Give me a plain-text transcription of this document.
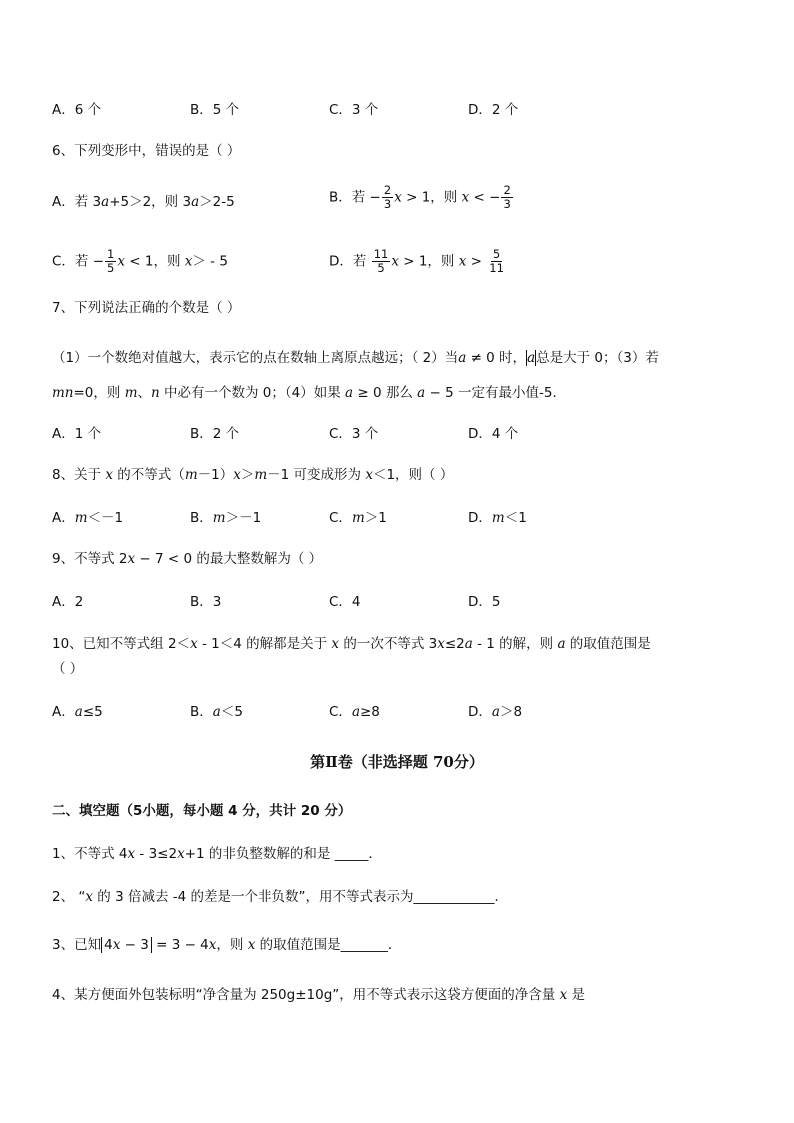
A．6 个	B．5 个	C．3 个	D．2 个
6、下列变形中，错误的是（ ）
A．若 3a+5＞2，则 3a＞2-5	B．若 − $\frac{2}{3}$ x > 1，则 x < − $\frac{2}{3}$
C．若 − $\frac{1}{5}$ x < 1，则 x＞ - 5	D．若 $\frac{11}{5}$ x > 1，则 $x > \frac{5}{11}$
7、下列说法正确的个数是（ ）
（1）一个数绝对值越大，表示它的点在数轴上离原点越远；（ 2）当a ≠ 0 时，a总是大于 0；（3）若
mn=0，则 m、n 中必有一个数为 0；（4）如果 a ≥ 0 那么 a − 5 一定有最小值-5．
A．1 个	B．2 个	C．3 个	D．4 个
8、关于 x 的不等式（m－1）x＞m－1 可变成形为 x＜1，则（ ）
A．m＜－1	B．m＞－1	C．m＞1	D．m＜1
9、不等式 2x − 7 < 0 的最大整数解为（ ）
A．2	B．3	C．4	D．5
10、已知不等式组 2＜x - 1＜4 的解都是关于 x 的一次不等式 3x≤2a - 1 的解，则 a 的取值范围是
（ ）
A．a≤5	B．a＜5	C．a≥8	D．a＞8
第Ⅱ卷（非选择题 70分）
二、填空题（5小题，每小题 4 分，共计 20 分）
1、不等式 4x - 3≤2x+1 的非负整数解的和是 _____．
2、 “x 的 3 倍减去 -4 的差是一个非负数”，用不等式表示为____________．
3、已知 4x − 3 = 3 − 4x，则 x 的取值范围是_______．
4、某方便面外包装标明“净含量为 250g±10g”，用不等式表示这袋方便面的净含量 x 是
